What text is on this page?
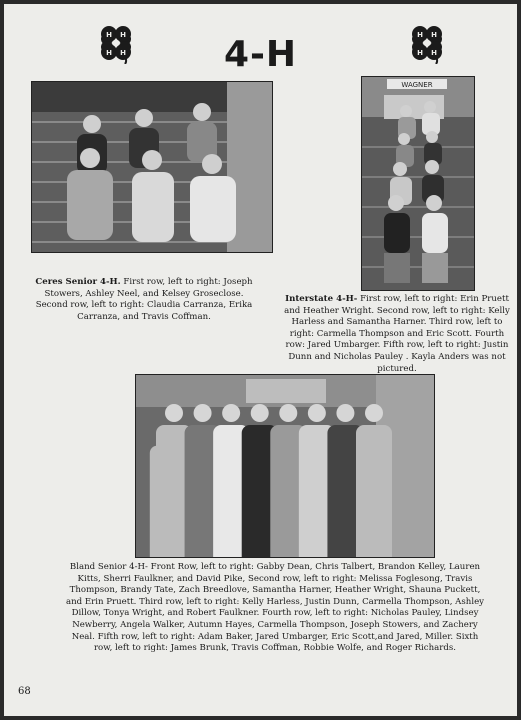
H H
H H	4-H	H H
H H
WAGNER
Ceres Senior 4-H. First row, left to right: Joseph Stowers, Ashley Neel, and Kelsey Groseclose. Second row, left to right: Claudia Carranza, Erika Carranza, and Travis Coffman.
Interstate 4-H- First row, left to right: Erin Pruett and Heather Wright. Second row, left to right: Kelly Harless and Samantha Harner. Third row, left to right: Carmella Thompson and Eric Scott. Fourth row: Jared Umbarger. Fifth row, left to right: Justin Dunn and Nicholas Pauley . Kayla Anders was not pictured.
Bland Senior 4-H- Front Row, left to right: Gabby Dean, Chris Talbert, Brandon Kelley, Lauren Kitts, Sherri Faulkner, and David Pike, Second row, left to right: Melissa Foglesong, Travis Thompson, Brandy Tate, Zach Breedlove, Samantha Harner, Heather Wright, Shauna Puckett, and Erin Pruett. Third row, left to right: Kelly Harless, Justin Dunn, Carmella Thompson, Ashley Dillow, Tonya Wright, and Robert Faulkner. Fourth row, left to right: Nicholas Pauley, Lindsey Newberry, Angela Walker, Autumn Hayes, Carmella Thompson, Joseph Stowers, and Zachery Neal. Fifth row, left to right: Adam Baker, Jared Umbarger, Eric Scott,and Jared, Miller. Sixth row, left to right: James Brunk, Travis Coffman, Robbie Wolfe, and Roger Richards.
68
